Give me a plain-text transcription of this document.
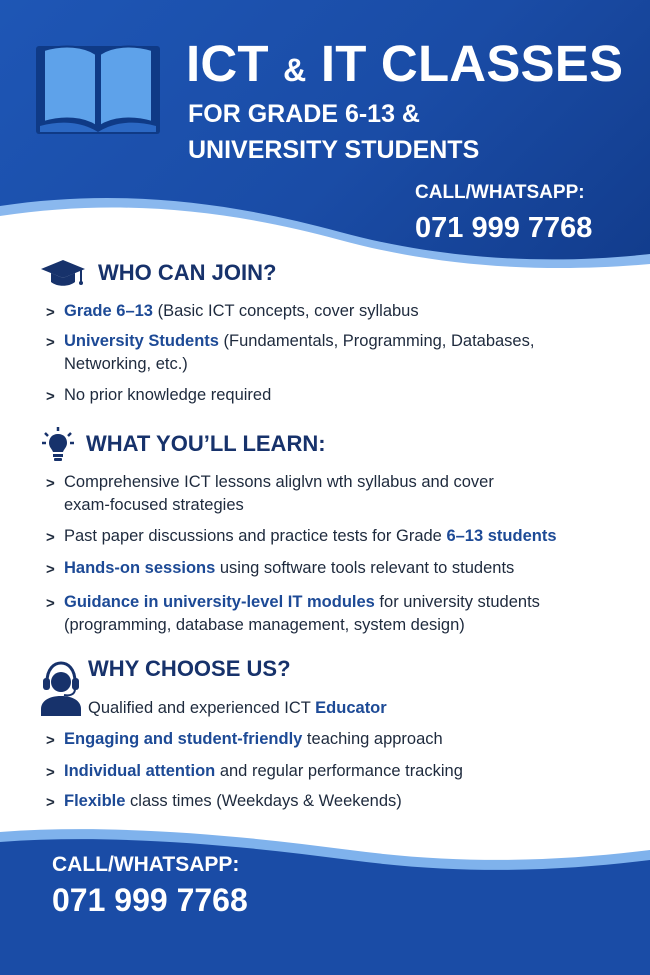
ICT & IT CLASSES
FOR GRADE 6-13 &
UNIVERSITY STUDENTS
CALL/WHATSAPP:
071 999 7768
WHO CAN JOIN?
> Grade 6–13 (Basic ICT concepts, cover syllabus
> University Students (Fundamentals, Programming, Databases,
Networking, etc.)
> No prior knowledge required
WHAT YOU’LL LEARN:
> Comprehensive ICT lessons aliglvn wth syllabus and cover
exam-focused strategies
> Past paper discussions and practice tests for Grade 6–13 students
> Hands-on sessions using software tools relevant to students
> Guidance in university-level IT modules for university students
(programming, database management, system design)
WHY CHOOSE US?
Qualified and experienced ICT Educator
> Engaging and student-friendly teaching approach
> Individual attention and regular performance tracking
> Flexible class times (Weekdays & Weekends)
CALL/WHATSAPP:
071 999 7768
